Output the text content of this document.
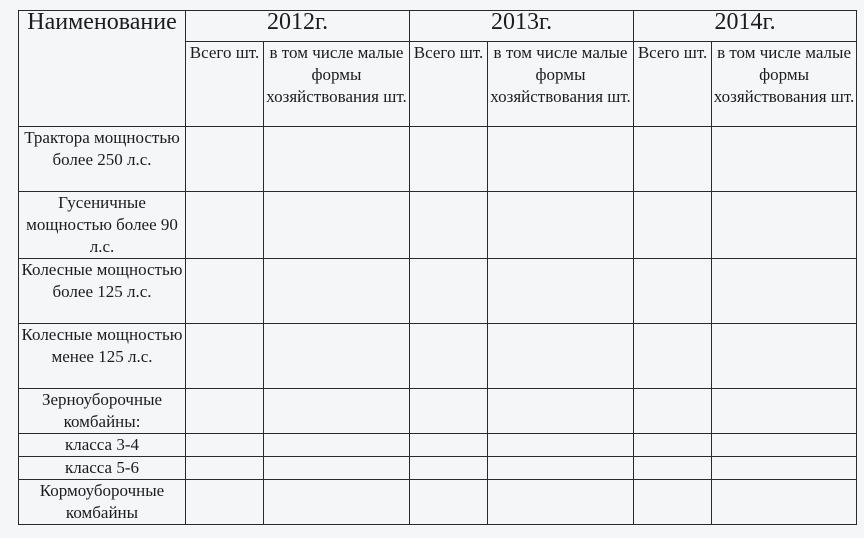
Наименование	2012г.		2013г.		2014г.	
	Всего шт.	в том числе малые формы хозяйствования шт.	Всего шт.	в том числе малые формы хозяйствования шт.	Всего шт.	в том числе малые формы хозяйствования шт.
Трактора мощностью более 250 л.с.						
Гусеничные мощностью более 90 л.с.						
Колесные мощностью более 125 л.с.						
Колесные мощностью менее 125 л.с.						
Зерноуборочные комбайны:						
класса 3-4						
класса 5-6						
Кормоуборочные комбайны						
